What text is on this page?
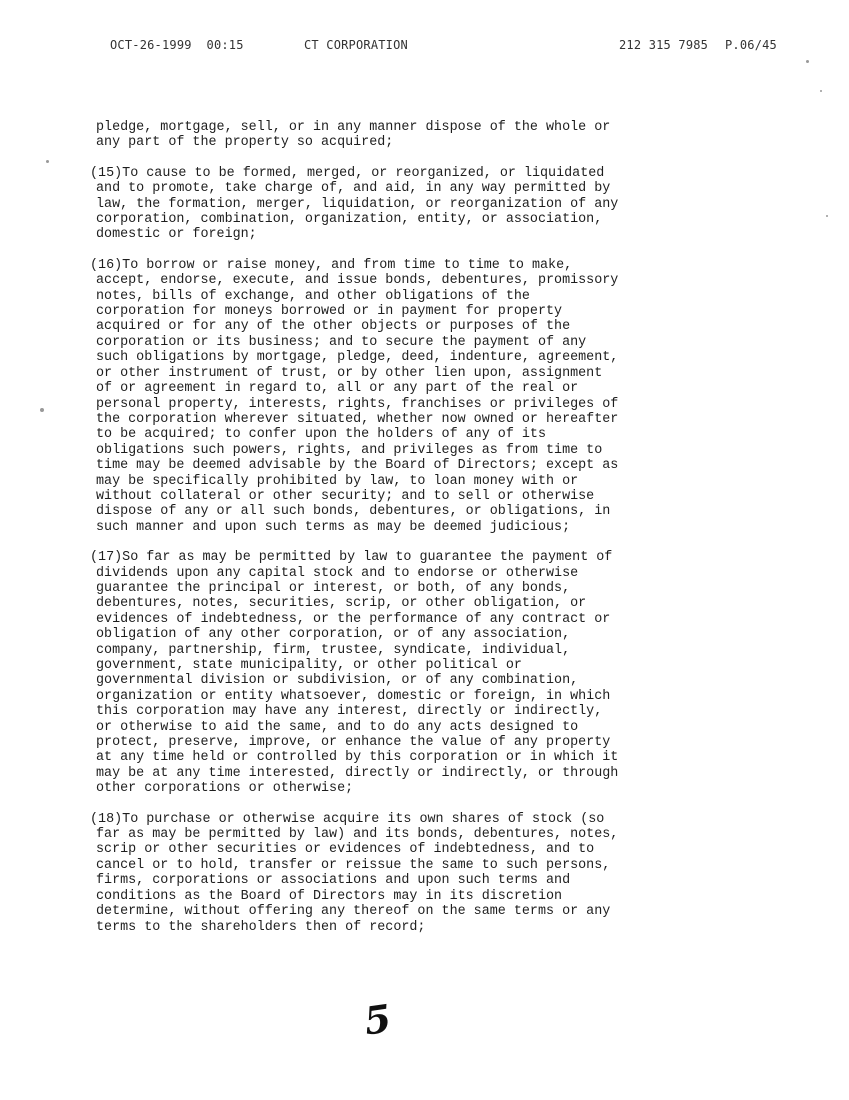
OCT-26-1999  00:15	CT CORPORATION	212 315 7985 P.06/45

pledge, mortgage, sell, or in any manner dispose of the whole or
any part of the property so acquired;

(15)To cause to be formed, merged, or reorganized, or liquidated
and to promote, take charge of, and aid, in any way permitted by
law, the formation, merger, liquidation, or reorganization of any
corporation, combination, organization, entity, or association,
domestic or foreign;

(16)To borrow or raise money, and from time to time to make,
accept, endorse, execute, and issue bonds, debentures, promissory
notes, bills of exchange, and other obligations of the
corporation for moneys borrowed or in payment for property
acquired or for any of the other objects or purposes of the
corporation or its business; and to secure the payment of any
such obligations by mortgage, pledge, deed, indenture, agreement,
or other instrument of trust, or by other lien upon, assignment
of or agreement in regard to, all or any part of the real or
personal property, interests, rights, franchises or privileges of
the corporation wherever situated, whether now owned or hereafter
to be acquired; to confer upon the holders of any of its
obligations such powers, rights, and privileges as from time to
time may be deemed advisable by the Board of Directors; except as
may be specifically prohibited by law, to loan money with or
without collateral or other security; and to sell or otherwise
dispose of any or all such bonds, debentures, or obligations, in
such manner and upon such terms as may be deemed judicious;

(17)So far as may be permitted by law to guarantee the payment of
dividends upon any capital stock and to endorse or otherwise
guarantee the principal or interest, or both, of any bonds,
debentures, notes, securities, scrip, or other obligation, or
evidences of indebtedness, or the performance of any contract or
obligation of any other corporation, or of any association,
company, partnership, firm, trustee, syndicate, individual,
government, state municipality, or other political or
governmental division or subdivision, or of any combination,
organization or entity whatsoever, domestic or foreign, in which
this corporation may have any interest, directly or indirectly,
or otherwise to aid the same, and to do any acts designed to
protect, preserve, improve, or enhance the value of any property
at any time held or controlled by this corporation or in which it
may be at any time interested, directly or indirectly, or through
other corporations or otherwise;

(18)To purchase or otherwise acquire its own shares of stock (so
far as may be permitted by law) and its bonds, debentures, notes,
scrip or other securities or evidences of indebtedness, and to
cancel or to hold, transfer or reissue the same to such persons,
firms, corporations or associations and upon such terms and
conditions as the Board of Directors may in its discretion
determine, without offering any thereof on the same terms or any
terms to the shareholders then of record;

5
